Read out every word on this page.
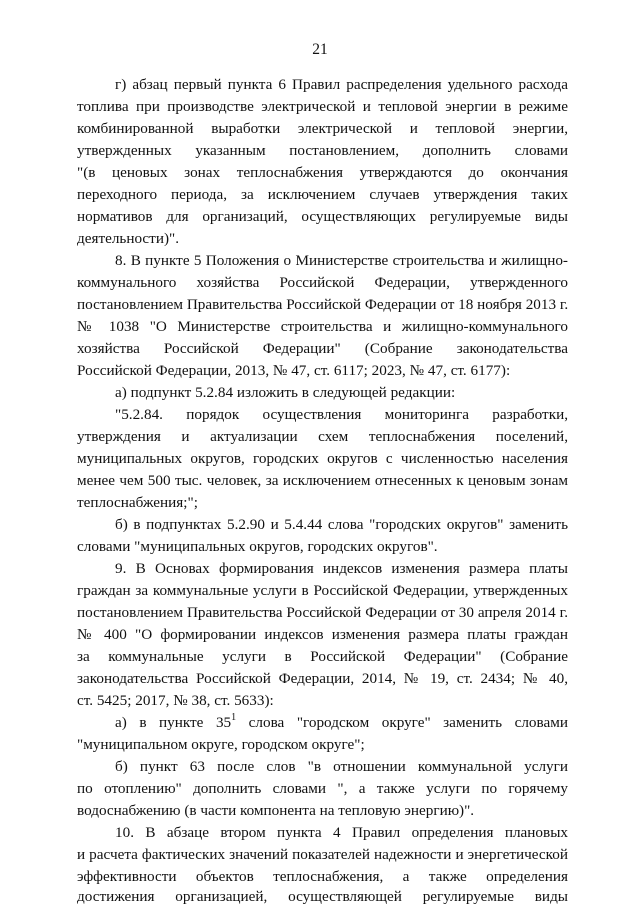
21
г) абзац первый пункта 6 Правил распределения удельного расхода
топлива при производстве электрической и тепловой энергии в режиме
комбинированной выработки электрической и тепловой энергии,
утвержденных указанным постановлением, дополнить словами
"(в ценовых зонах теплоснабжения утверждаются до окончания
переходного периода, за исключением случаев утверждения таких
нормативов для организаций, осуществляющих регулируемые виды
деятельности)".
8. В пункте 5 Положения о Министерстве строительства и жилищно-
коммунального хозяйства Российской Федерации, утвержденного
постановлением Правительства Российской Федерации от 18 ноября 2013 г.
№ 1038 "О Министерстве строительства и жилищно-коммунального
хозяйства Российской Федерации" (Собрание законодательства
Российской Федерации, 2013, № 47, ст. 6117; 2023, № 47, ст. 6177):
а) подпункт 5.2.84 изложить в следующей редакции:
"5.2.84. порядок осуществления мониторинга разработки,
утверждения и актуализации схем теплоснабжения поселений,
муниципальных округов, городских округов с численностью населения
менее чем 500 тыс. человек, за исключением отнесенных к ценовым зонам
теплоснабжения;";
б) в подпунктах 5.2.90 и 5.4.44 слова "городских округов" заменить
словами "муниципальных округов, городских округов".
9. В Основах формирования индексов изменения размера платы
граждан за коммунальные услуги в Российской Федерации, утвержденных
постановлением Правительства Российской Федерации от 30 апреля 2014 г.
№ 400 "О формировании индексов изменения размера платы граждан
за коммунальные услуги в Российской Федерации" (Собрание
законодательства Российской Федерации, 2014, № 19, ст. 2434; № 40,
ст. 5425; 2017, № 38, ст. 5633):
а) в пункте $35^1$ слова "городском округе" заменить словами
"муниципальном округе, городском округе";
б) пункт 63 после слов "в отношении коммунальной услуги
по отоплению" дополнить словами ", а также услуги по горячему
водоснабжению (в части компонента на тепловую энергию)".
10. В абзаце втором пункта 4 Правил определения плановых
и расчета фактических значений показателей надежности и энергетической
эффективности объектов теплоснабжения, а также определения
достижения организацией, осуществляющей регулируемые виды
